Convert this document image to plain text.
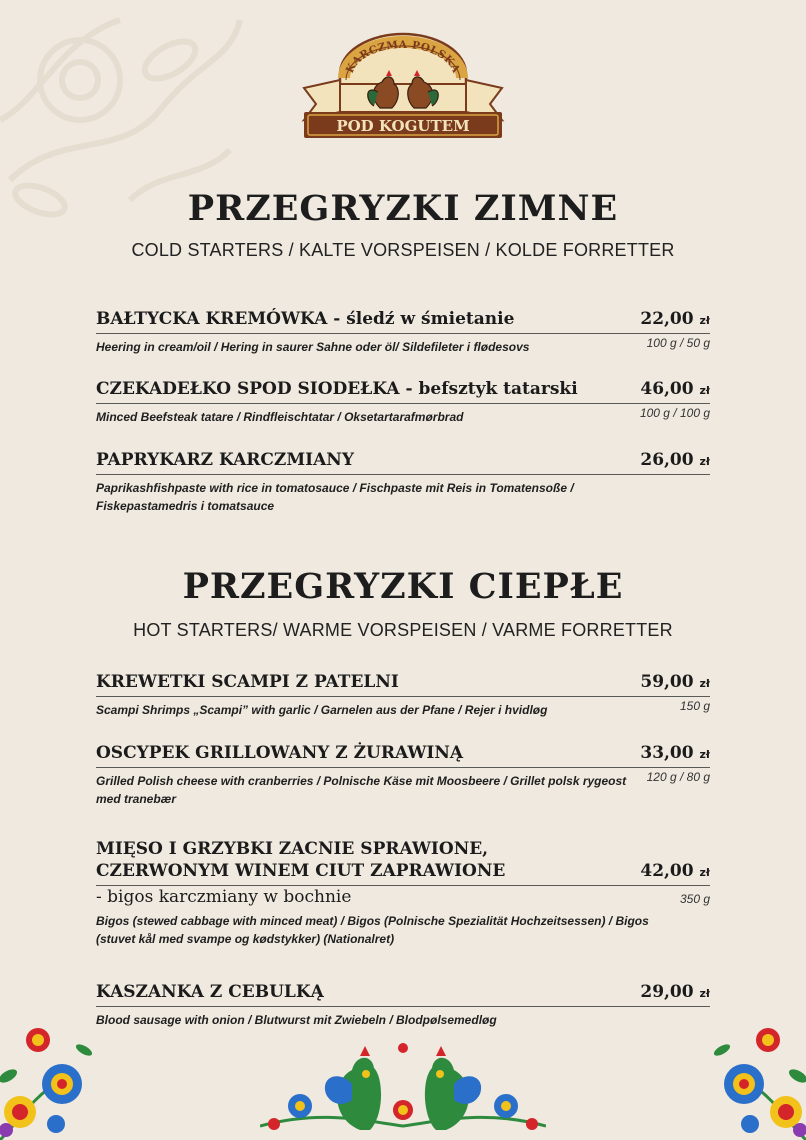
POD KOGUTEM
KARCZMA POLSKA
PRZEGRYZKI ZIMNE
COLD STARTERS / KALTE VORSPEISEN / KOLDE FORRETTER
BAŁTYCKA KREMÓWKA - śledź w śmietanie	22,00 zł
100 g / 50 g
Heering in cream/oil / Hering in saurer Sahne oder öl/ Sildefileter i flødesovs
CZEKADEŁKO SPOD SIODEŁKA - befsztyk tatarski	46,00 zł
100 g / 100 g
Minced Beefsteak tatare / Rindfleischtatar / Oksetartarafmørbrad
PAPRYKARZ KARCZMIANY	26,00 zł
Paprikashfishpaste with rice in tomatosauce / Fischpaste mit Reis in Tomatensoße / Fiskepastamedris i tomatsauce
PRZEGRYZKI CIEPŁE
HOT STARTERS/ WARME VORSPEISEN / VARME FORRETTER
KREWETKI SCAMPI Z PATELNI	59,00 zł
150 g
Scampi Shrimps „Scampi” with garlic / Garnelen aus der Pfane / Rejer i hvidløg
OSCYPEK GRILLOWANY Z ŻURAWINĄ	33,00 zł
120 g / 80 g
Grilled Polish cheese with cranberries / Polnische Käse mit Moosbeere / Grillet polsk rygeost med tranebær
MIĘSO I GRZYBKI ZACNIE SPRAWIONE,
CZERWONYM WINEM CIUT ZAPRAWIONE	42,00 zł
350 g
- bigos karczmiany w bochnie
Bigos (stewed cabbage with minced meat) / Bigos (Polnische Spezialität Hochzeitsessen) / Bigos (stuvet kål med svampe og kødstykker) (Nationalret)
KASZANKA Z CEBULKĄ	29,00 zł
Blood sausage with onion / Blutwurst mit Zwiebeln / Blodpølsemedløg
